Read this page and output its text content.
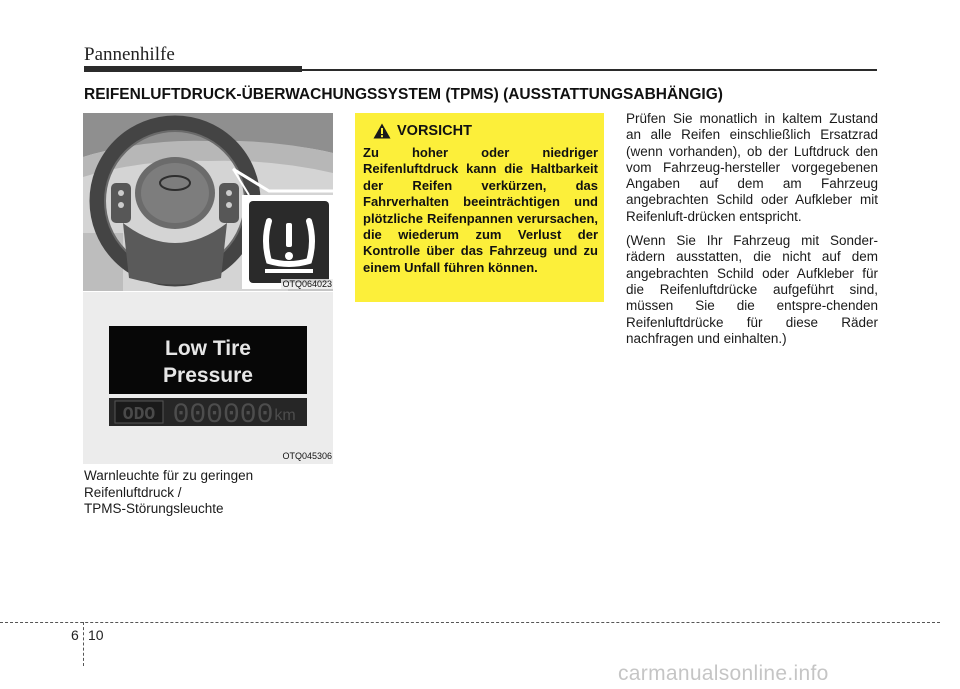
Pannenhilfe
REIFENLUFTDRUCK-ÜBERWACHUNGSSYSTEM (TPMS) (AUSSTATTUNGSABHÄNGIG)
OTQ064023
Low Tire
Pressure
ODO 000000 km
OTQ045306
Warnleuchte für zu geringen
Reifenluftdruck /
TPMS-Störungsleuchte
VORSICHT
Zu hoher oder niedriger Reifenluftdruck kann die Haltbarkeit der Reifen verkürzen, das Fahrverhalten beeinträchtigen und plötzliche Reifenpannen verursachen, die wiederum zum Verlust der Kontrolle über das Fahrzeug und zu einem Unfall führen können.

Prüfen Sie monatlich in kaltem Zustand an alle Reifen einschließlich Ersatzrad (wenn vorhanden), ob der Luftdruck den vom Fahrzeug-hersteller vorgegebenen Angaben auf dem am Fahrzeug angebrachten Schild oder Aufkleber mit Reifenluft-drücken entspricht.

(Wenn Sie Ihr Fahrzeug mit Sonder-rädern ausstatten, die nicht auf dem angebrachten Schild oder Aufkleber für die Reifenluftdrücke aufgeführt sind, müssen Sie die entspre-chenden Reifenluftdrücke für diese Räder nachfragen und einhalten.)

6 10
carmanualsonline.info
